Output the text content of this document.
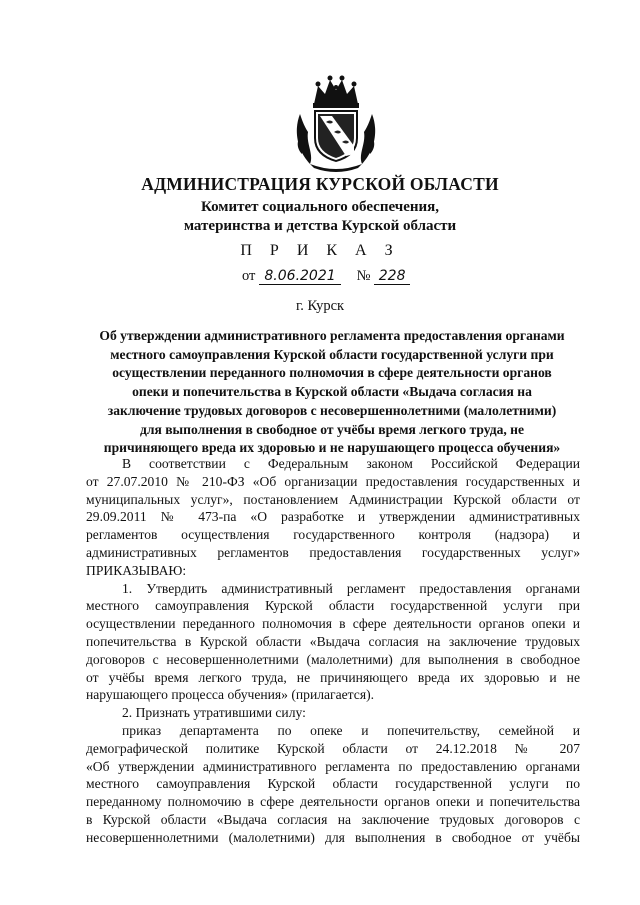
АДМИНИСТРАЦИЯ КУРСКОЙ ОБЛАСТИ
Комитет социального обеспечения,
материнства и детства Курской области
П Р И К А З
от 8.06.2021 № 228
г. Курск
Об утверждении административного регламента предоставления органами
местного самоуправления Курской области государственной услуги при
осуществлении переданного полномочия в сфере деятельности органов
опеки и попечительства в Курской области «Выдача согласия на
заключение трудовых договоров с несовершеннолетними (малолетними)
для выполнения в свободное от учёбы время легкого труда, не
причиняющего вреда их здоровью и не нарушающего процесса обучения»
В соответствии с Федеральным законом Российской Федерации
от 27.07.2010 № 210-ФЗ «Об организации предоставления государственных и
муниципальных услуг», постановлением Администрации Курской области от
29.09.2011 № 473-па «О разработке и утверждении административных
регламентов осуществления государственного контроля (надзора) и
административных регламентов предоставления государственных услуг»
ПРИКАЗЫВАЮ:
1. Утвердить административный регламент предоставления органами
местного самоуправления Курской области государственной услуги при
осуществлении переданного полномочия в сфере деятельности органов опеки и
попечительства в Курской области «Выдача согласия на заключение трудовых
договоров с несовершеннолетними (малолетними) для выполнения в свободное
от учёбы время легкого труда, не причиняющего вреда их здоровью и не
нарушающего процесса обучения» (прилагается).
2. Признать утратившими силу:
приказ департамента по опеке и попечительству, семейной и
демографической политике Курской области от 24.12.2018 № 207
«Об утверждении административного регламента по предоставлению органами
местного самоуправления Курской области государственной услуги по
переданному полномочию в сфере деятельности органов опеки и попечительства
в Курской области «Выдача согласия на заключение трудовых договоров с
несовершеннолетними (малолетними) для выполнения в свободное от учёбы
